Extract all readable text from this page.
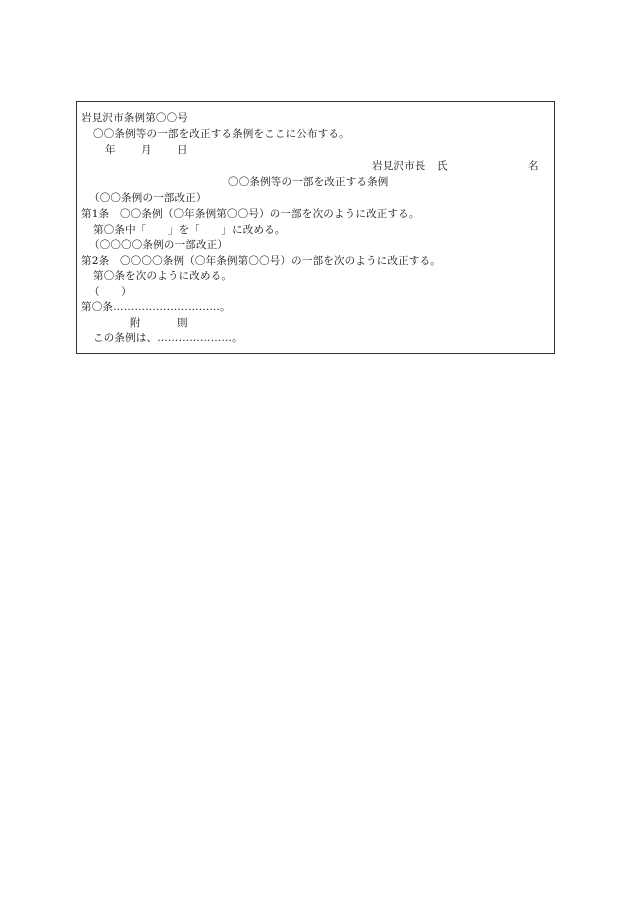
岩見沢市条例第〇〇号
〇〇条例等の一部を改正する条例をここに公布する。
年 月 日
岩見沢市長 氏	名
〇〇条例等の一部を改正する条例
（〇〇条例の一部改正）
第1条　〇〇条例（〇年条例第〇〇号）の一部を次のように改正する。
第〇条中「　　」を「　　」に改める。
（〇〇〇〇条例の一部改正）
第2条　〇〇〇〇条例（〇年条例第〇〇号）の一部を次のように改正する。
第〇条を次のように改める。
（　　）
第〇条…………………………。
附	則
この条例は、…………………。
